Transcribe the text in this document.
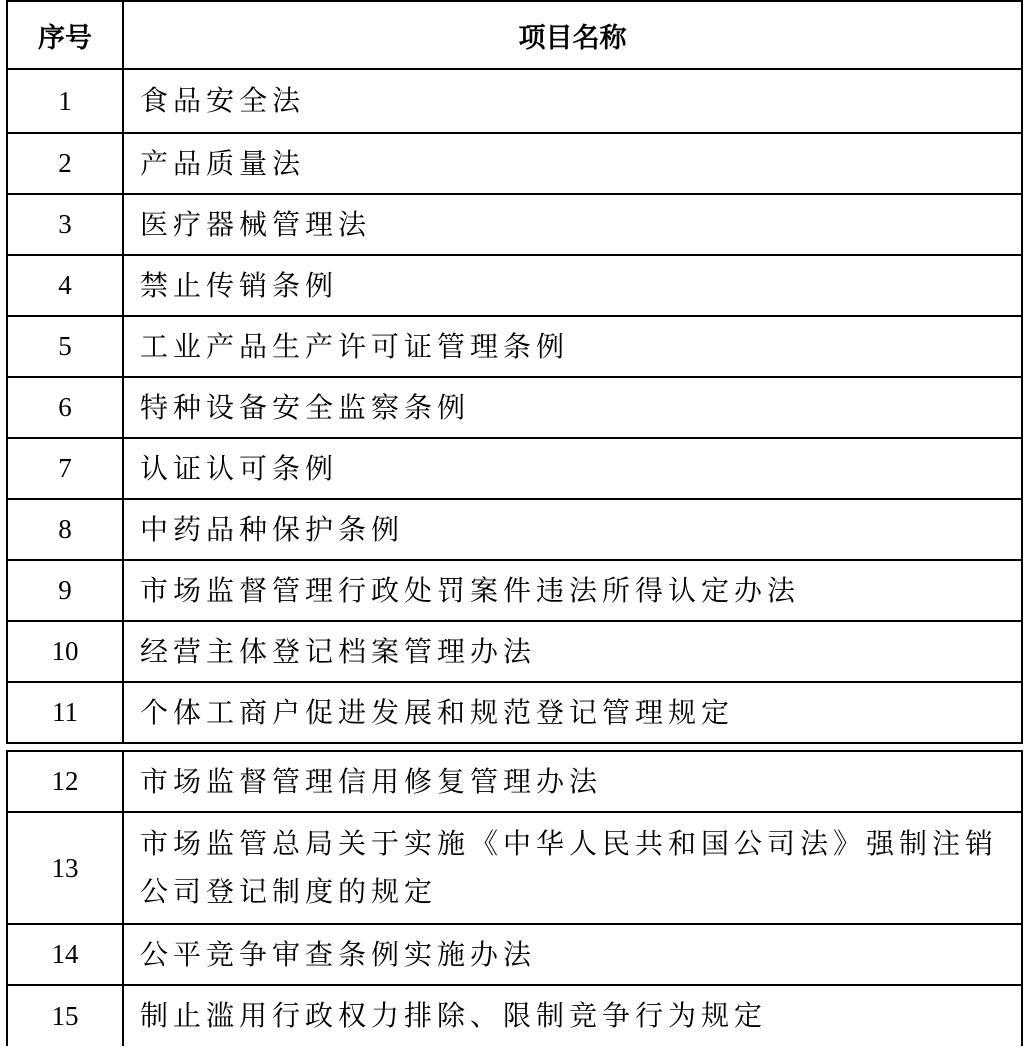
序号	项目名称
1	食品安全法
2	产品质量法
3	医疗器械管理法
4	禁止传销条例
5	工业产品生产许可证管理条例
6	特种设备安全监察条例
7	认证认可条例
8	中药品种保护条例
9	市场监督管理行政处罚案件违法所得认定办法
10	经营主体登记档案管理办法
11	个体工商户促进发展和规范登记管理规定
12	市场监督管理信用修复管理办法
13	市场监管总局关于实施《中华人民共和国公司法》强制注销公司登记制度的规定
14	公平竞争审查条例实施办法
15	制止滥用行政权力排除、限制竞争行为规定
